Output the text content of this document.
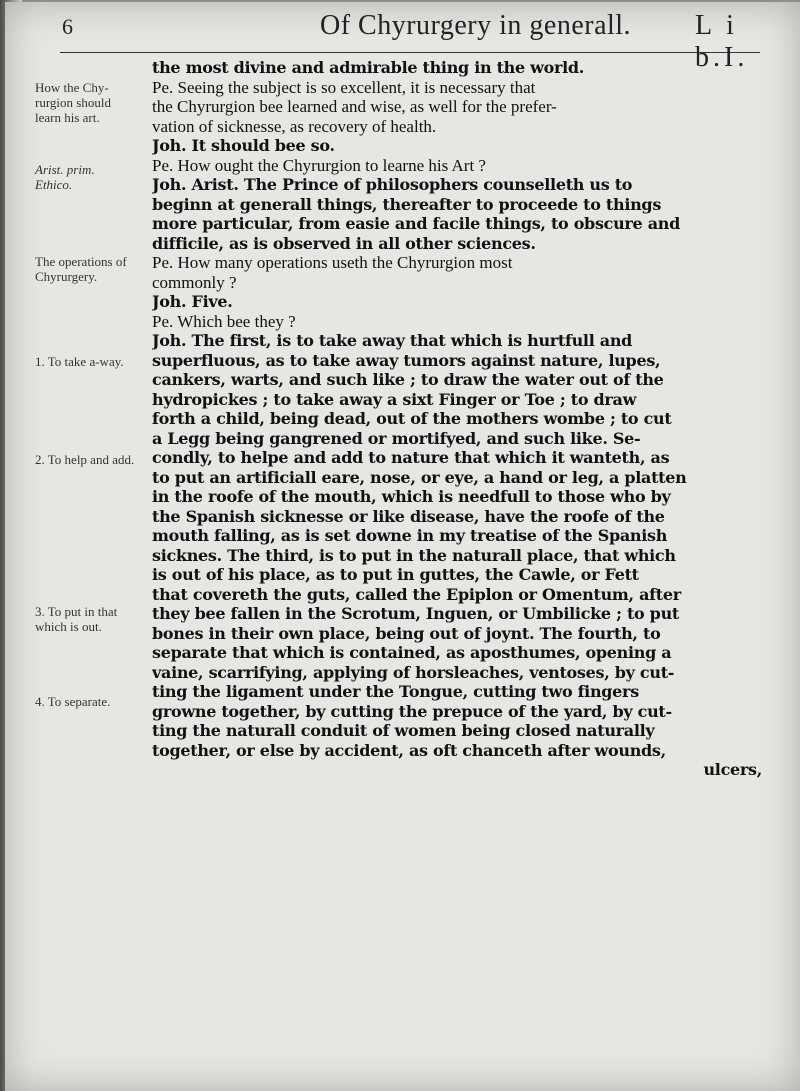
6	Of Chyrurgery in generall. L i b.I.
How the Chy-rurgion should learn his art.
Arist. prim. Ethico.
The operations of Chyrurgery.
1. To take a-way.
2. To help and add.
3. To put in that which is out.
4. To separate.
the most divine and admirable thing in the world.
Pe. Seeing the subject is so excellent, it is necessary that
the Chyrurgion bee learned and wise, as well for the prefer-
vation of sicknesse, as recovery of health.
Joh. It should bee so.
Pe. How ought the Chyrurgion to learne his Art ?
Joh. Arist. The Prince of philosophers counselleth us to
beginn at generall things, thereafter to proceede to things
more particular, from easie and facile things, to obscure and
difficile, as is observed in all other sciences.
Pe. How many operations useth the Chyrurgion most
commonly ?
Joh. Five.
Pe. Which bee they ?
Joh. The first, is to take away that which is hurtfull and
superfluous, as to take away tumors against nature, lupes,
cankers, warts, and such like ; to draw the water out of the
hydropickes ; to take away a sixt Finger or Toe ; to draw
forth a child, being dead, out of the mothers wombe ; to cut
a Legg being gangrened or mortifyed, and such like. Se-
condly, to helpe and add to nature that which it wanteth, as
to put an artificiall eare, nose, or eye, a hand or leg, a platten
in the roofe of the mouth, which is needfull to those who by
the Spanish sicknesse or like disease, have the roofe of the
mouth falling, as is set downe in my treatise of the Spanish
sicknes. The third, is to put in the naturall place, that which
is out of his place, as to put in guttes, the Cawle, or Fett
that covereth the guts, called the Epiplon or Omentum, after
they bee fallen in the Scrotum, Inguen, or Umbilicke ; to put
bones in their own place, being out of joynt. The fourth, to
separate that which is contained, as aposthumes, opening a
vaine, scarrifying, applying of horsleaches, ventoses, by cut-
ting the ligament under the Tongue, cutting two fingers
growne together, by cutting the prepuce of the yard, by cut-
ting the naturall conduit of women being closed naturally
together, or else by accident, as oft chanceth after wounds,
ulcers,
